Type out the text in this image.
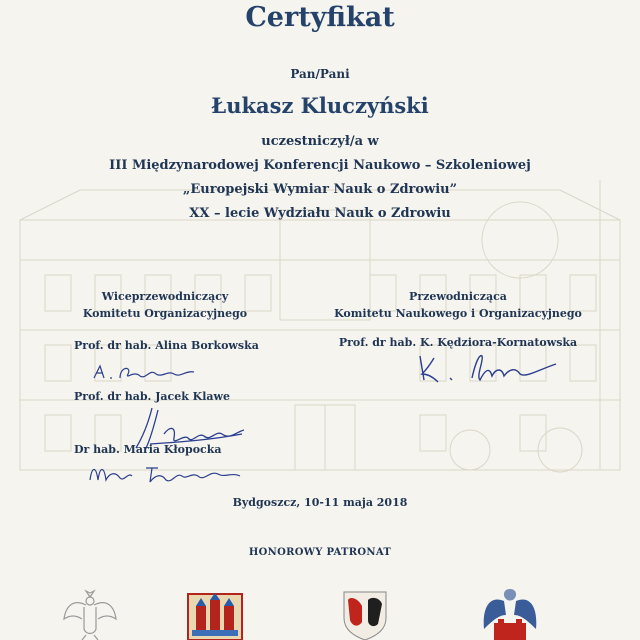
Certyfikat
Pan/Pani
Łukasz Kluczyński
uczestniczył/a w
III Międzynarodowej Konferencji Naukowo – Szkoleniowej
„Europejski Wymiar Nauk o Zdrowiu”
XX – lecie Wydziału Nauk o Zdrowiu
Wiceprzewodniczący
Komitetu Organizacyjnego
Prof. dr hab. Alina Borkowska
Prof. dr hab. Jacek Klawe
Dr hab. Maria Kłopocka
Przewodnicząca
Komitetu Naukowego i Organizacyjnego
Prof. dr hab. K. Kędziora-Kornatowska
Bydgoszcz, 10-11 maja 2018
HONOROWY PATRONAT
